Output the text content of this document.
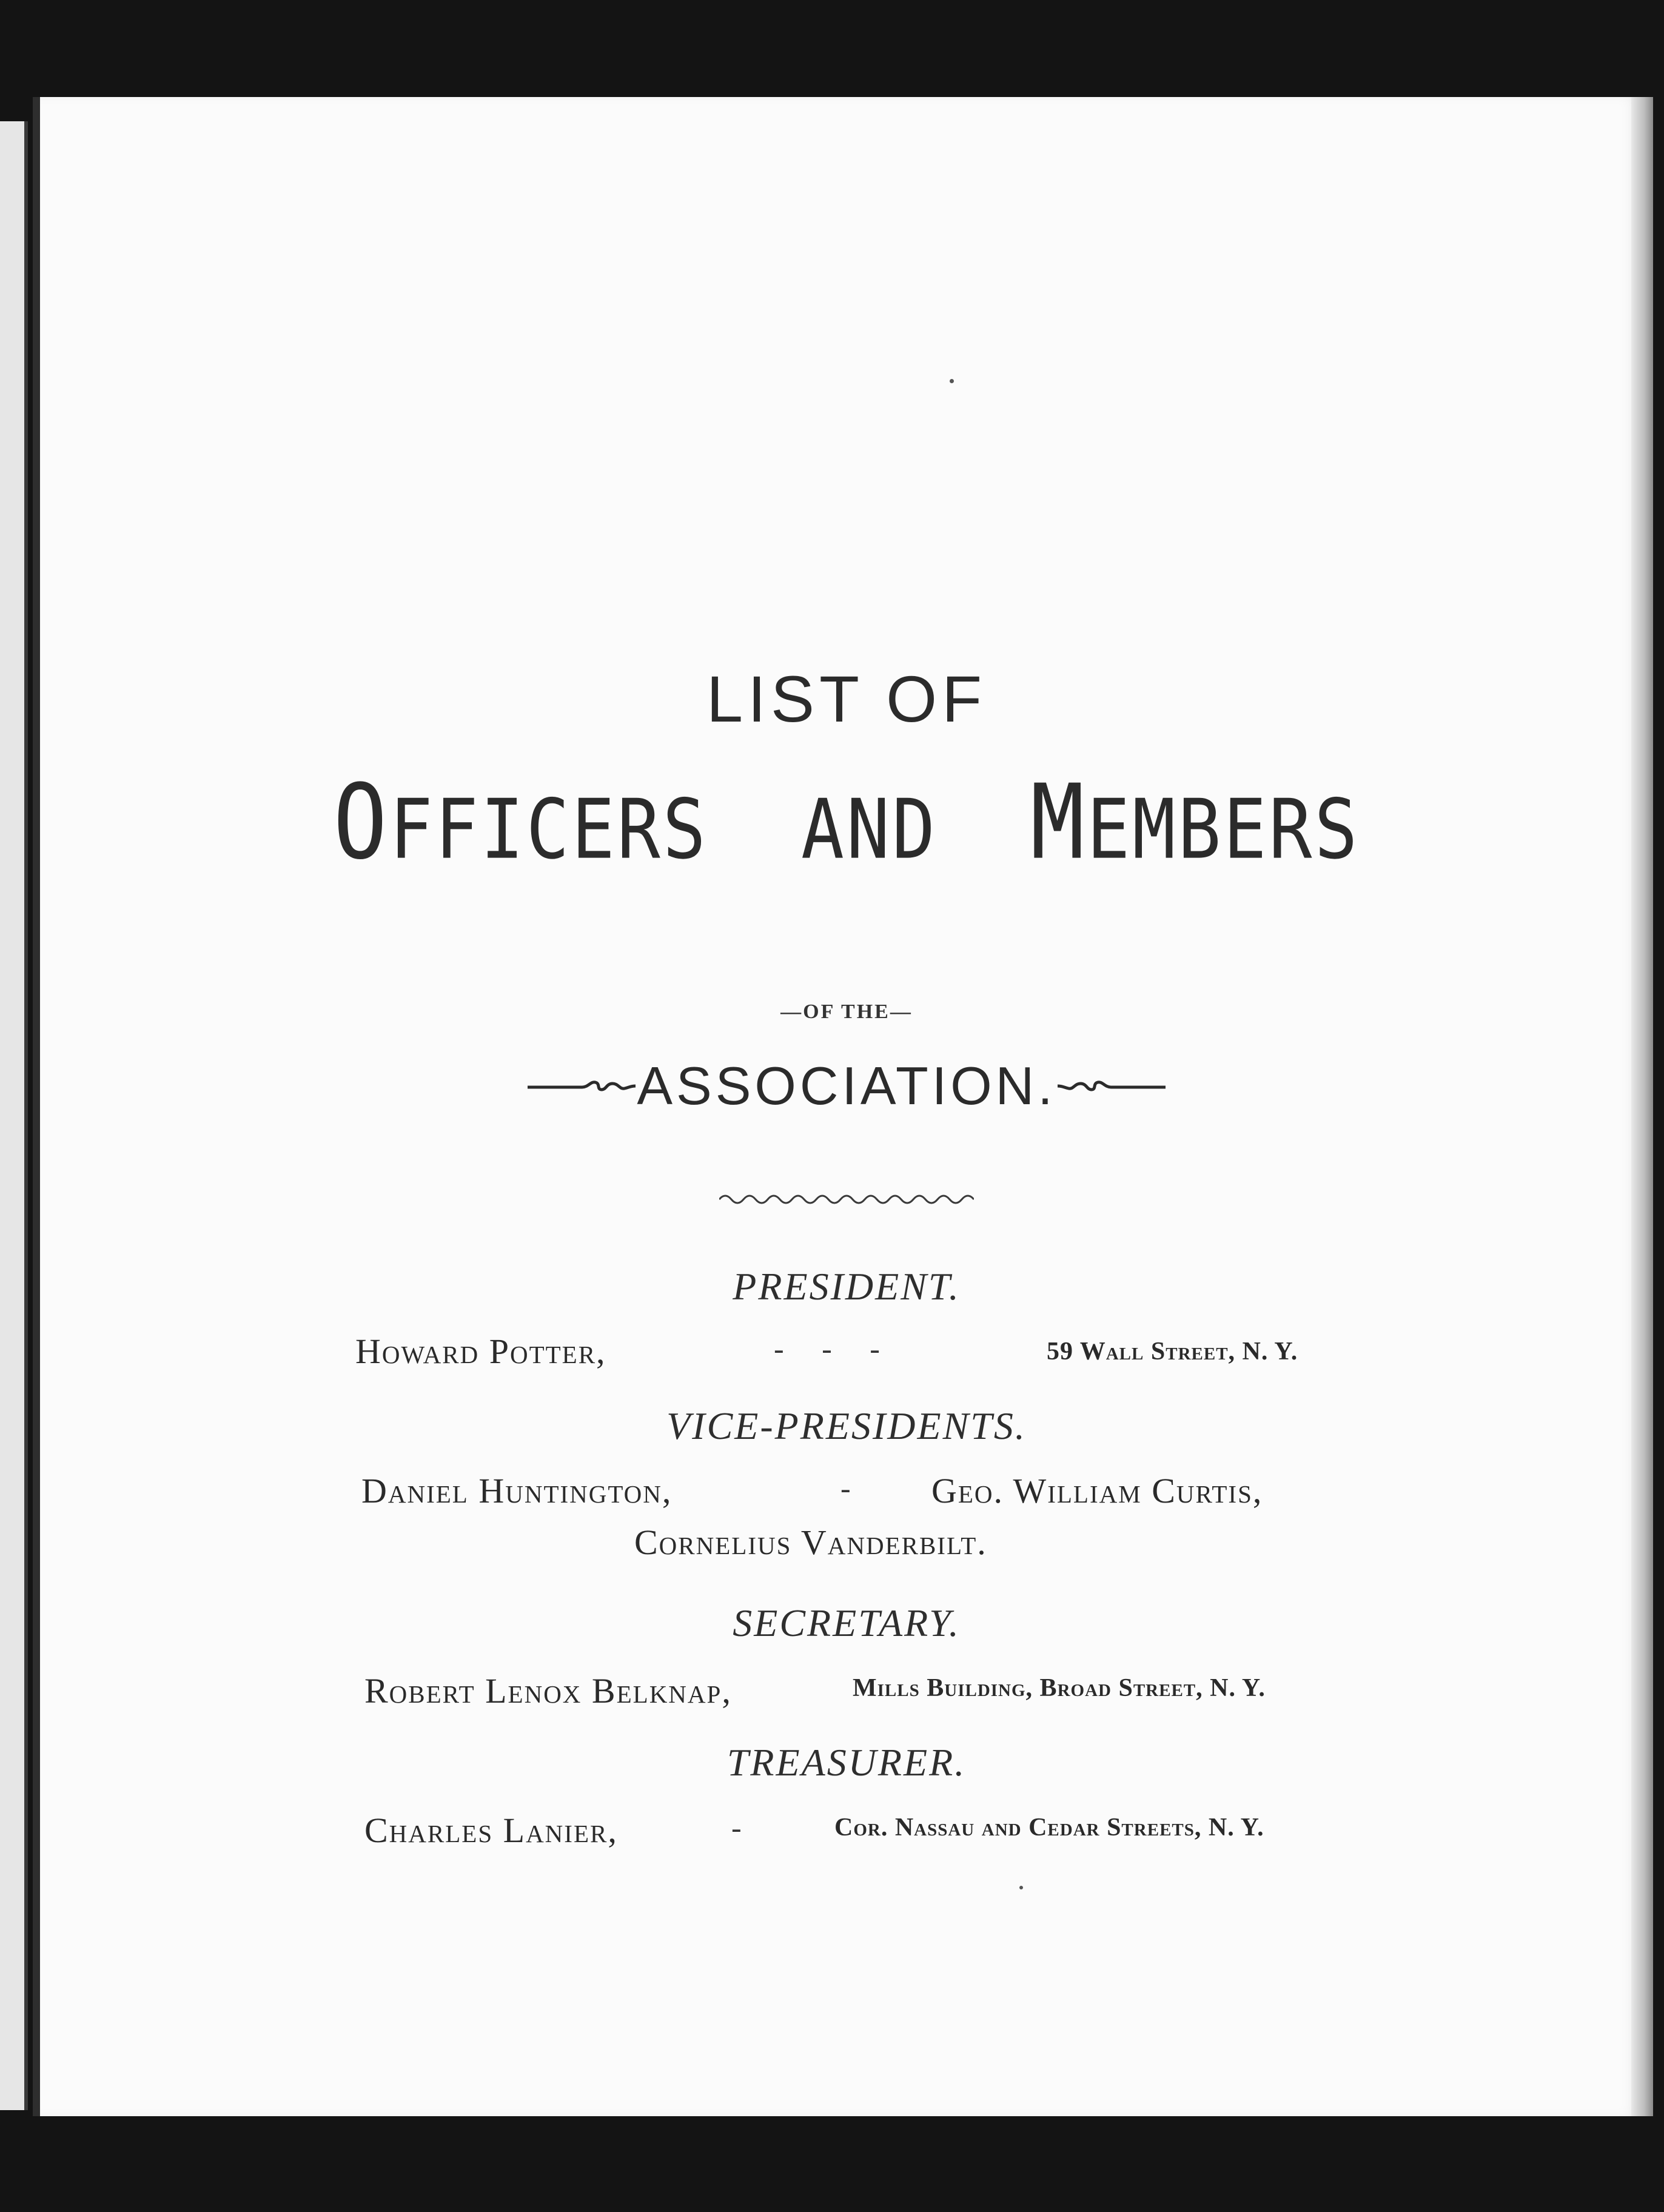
LIST OF
OFFICERS AND MEMBERS
—OF THE—
ASSOCIATION.
PRESIDENT.
Howard Potter,	-     -     -	59 Wall Street, N. Y.
VICE-PRESIDENTS.
Daniel Huntington,	- Geo. William Curtis,
Cornelius Vanderbilt.
SECRETARY.
Robert Lenox Belknap,	Mills Building, Broad Street, N. Y.
TREASURER.
Charles Lanier,	-	Cor. Nassau and Cedar Streets, N. Y.
